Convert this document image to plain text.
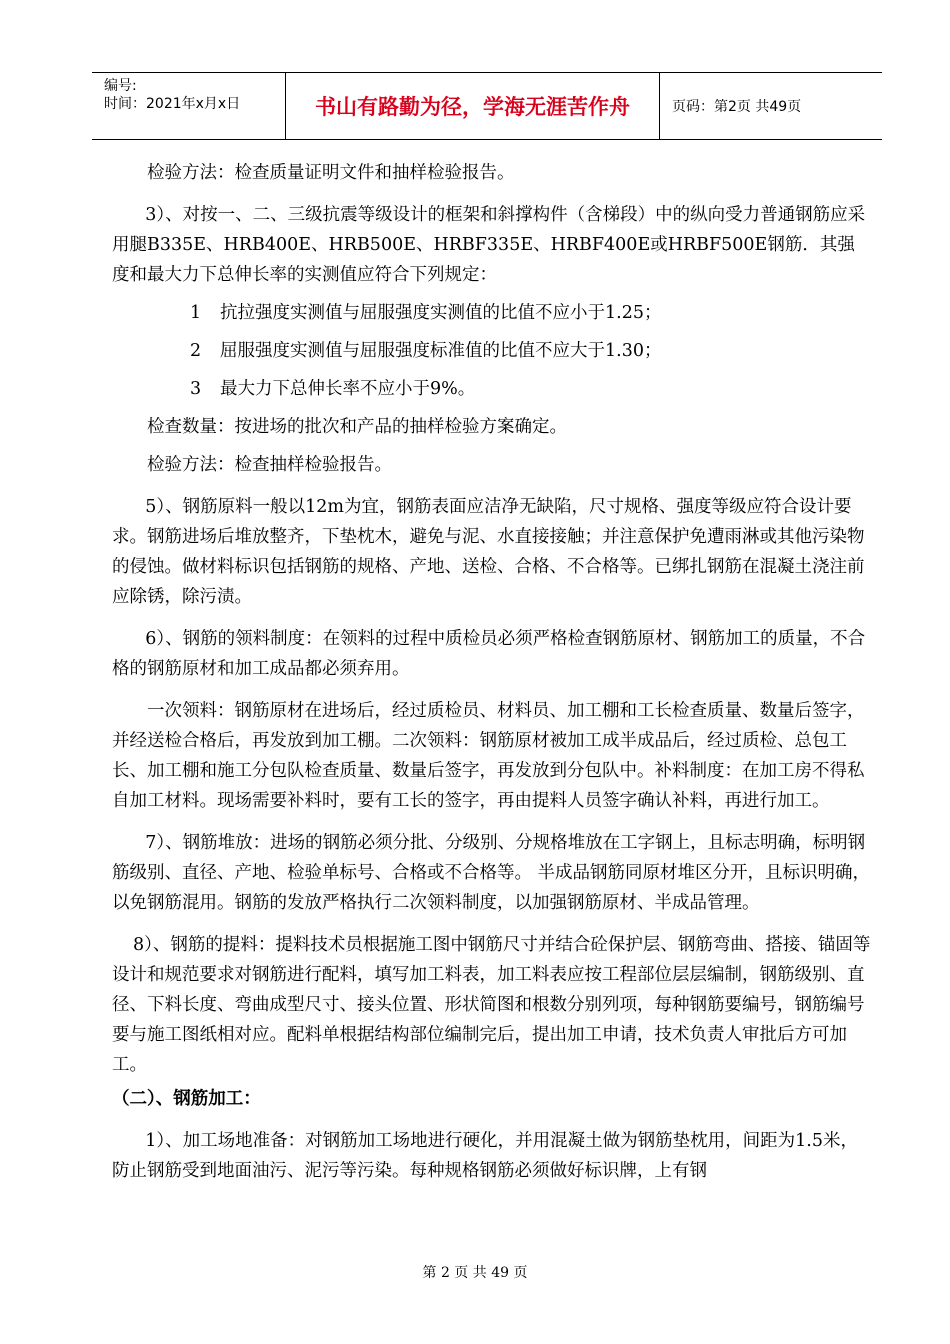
编号:
时间：2021年x月x日	书山有路勤为径，学海无涯苦作舟	页码：第2页 共49页

检验方法：检查质量证明文件和抽样检验报告。

3）、对按一、二、三级抗震等级设计的框架和斜撑构件（含梯段）中的纵向受力普通钢筋应采用腿B335E、HRB400E、HRB500E、HRBF335E、HRBF400E或HRBF500E钢筋．其强度和最大力下总伸长率的实测值应符合下列规定：

1 抗拉强度实测值与屈服强度实测值的比值不应小于1.25；

2 屈服强度实测值与屈服强度标准值的比值不应大于1.30；

3 最大力下总伸长率不应小于9%。

检查数量：按进场的批次和产品的抽样检验方案确定。

检验方法：检查抽样检验报告。

5）、钢筋原料一般以12m为宜，钢筋表面应洁净无缺陷，尺寸规格、强度等级应符合设计要求。钢筋进场后堆放整齐，下垫枕木，避免与泥、水直接接触；并注意保护免遭雨淋或其他污染物的侵蚀。做材料标识包括钢筋的规格、产地、送检、合格、不合格等。已绑扎钢筋在混凝土浇注前应除锈，除污渍。

6）、钢筋的领料制度：在领料的过程中质检员必须严格检查钢筋原材、钢筋加工的质量，不合格的钢筋原材和加工成品都必须弃用。

一次领料：钢筋原材在进场后，经过质检员、材料员、加工棚和工长检查质量、数量后签字，并经送检合格后，再发放到加工棚。二次领料：钢筋原材被加工成半成品后，经过质检、总包工长、加工棚和施工分包队检查质量、数量后签字，再发放到分包队中。补料制度：在加工房不得私自加工材料。现场需要补料时，要有工长的签字，再由提料人员签字确认补料，再进行加工。

7）、钢筋堆放：进场的钢筋必须分批、分级别、分规格堆放在工字钢上，且标志明确，标明钢筋级别、直径、产地、检验单标号、合格或不合格等。 半成品钢筋同原材堆区分开，且标识明确，以免钢筋混用。钢筋的发放严格执行二次领料制度，以加强钢筋原材、半成品管理。

8）、钢筋的提料：提料技术员根据施工图中钢筋尺寸并结合砼保护层、钢筋弯曲、搭接、锚固等设计和规范要求对钢筋进行配料，填写加工料表，加工料表应按工程部位层层编制，钢筋级别、直径、下料长度、弯曲成型尺寸、接头位置、形状简图和根数分别列项，每种钢筋要编号，钢筋编号要与施工图纸相对应。配料单根据结构部位编制完后，提出加工申请，技术负责人审批后方可加工。

（二）、钢筋加工：

1）、加工场地准备：对钢筋加工场地进行硬化，并用混凝土做为钢筋垫枕用，间距为1.5米，防止钢筋受到地面油污、泥污等污染。每种规格钢筋必须做好标识牌，上有钢

第 2 页 共 49 页
